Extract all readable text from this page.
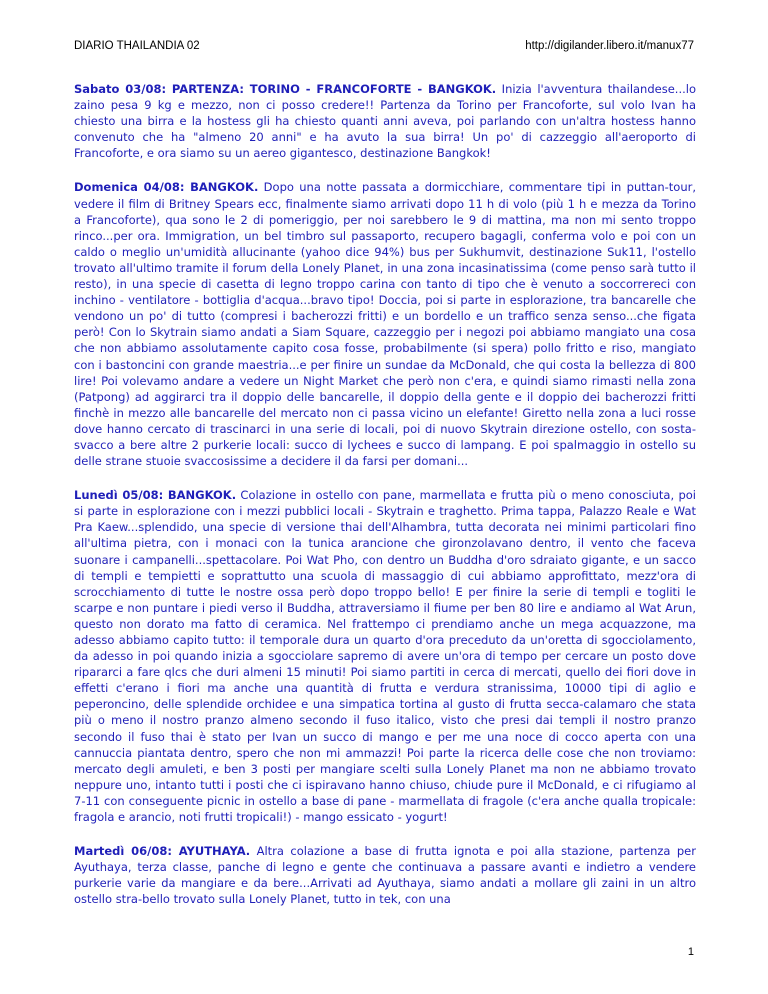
DIARIO THAILANDIA 02	http://digilander.libero.it/manux77

Sabato 03/08: PARTENZA: TORINO - FRANCOFORTE - BANGKOK. Inizia l'avventura thailandese...lo zaino pesa 9 kg e mezzo, non ci posso credere!! Partenza da Torino per Francoforte, sul volo Ivan ha chiesto una birra e la hostess gli ha chiesto quanti anni aveva, poi parlando con un'altra hostess hanno convenuto che ha "almeno 20 anni" e ha avuto la sua birra! Un po' di cazzeggio all'aeroporto di Francoforte, e ora siamo su un aereo gigantesco, destinazione Bangkok!

Domenica 04/08: BANGKOK. Dopo una notte passata a dormicchiare, commentare tipi in puttan-tour, vedere il film di Britney Spears ecc, finalmente siamo arrivati dopo 11 h di volo (più 1 h e mezza da Torino a Francoforte), qua sono le 2 di pomeriggio, per noi sarebbero le 9 di mattina, ma non mi sento troppo rinco...per ora. Immigration, un bel timbro sul passaporto, recupero bagagli, conferma volo e poi con un caldo o meglio un'umidità allucinante (yahoo dice 94%) bus per Sukhumvit, destinazione Suk11, l'ostello trovato all'ultimo tramite il forum della Lonely Planet, in una zona incasinatissima (come penso sarà tutto il resto), in una specie di casetta di legno troppo carina con tanto di tipo che è venuto a soccorrereci con inchino - ventilatore - bottiglia d'acqua...bravo tipo! Doccia, poi si parte in esplorazione, tra bancarelle che vendono un po' di tutto (compresi i bacherozzi fritti) e un bordello e un traffico senza senso...che figata però! Con lo Skytrain siamo andati a Siam Square, cazzeggio per i negozi poi abbiamo mangiato una cosa che non abbiamo assolutamente capito cosa fosse, probabilmente (si spera) pollo fritto e riso, mangiato con i bastoncini con grande maestria...e per finire un sundae da McDonald, che qui costa la bellezza di 800 lire! Poi volevamo andare a vedere un Night Market che però non c'era, e quindi siamo rimasti nella zona (Patpong) ad aggirarci tra il doppio delle bancarelle, il doppio della gente e il doppio dei bacherozzi fritti finchè in mezzo alle bancarelle del mercato non ci passa vicino un elefante! Giretto nella zona a luci rosse dove hanno cercato di trascinarci in una serie di locali, poi di nuovo Skytrain direzione ostello, con sosta-svacco a bere altre 2 purkerie locali: succo di lychees e succo di lampang. E poi spalmaggio in ostello su delle strane stuoie svaccosissime a decidere il da farsi per domani...

Lunedì 05/08: BANGKOK. Colazione in ostello con pane, marmellata e frutta più o meno conosciuta, poi si parte in esplorazione con i mezzi pubblici locali - Skytrain e traghetto. Prima tappa, Palazzo Reale e Wat Pra Kaew...splendido, una specie di versione thai dell'Alhambra, tutta decorata nei minimi particolari fino all'ultima pietra, con i monaci con la tunica arancione che gironzolavano dentro, il vento che faceva suonare i campanelli...spettacolare. Poi Wat Pho, con dentro un Buddha d'oro sdraiato gigante, e un sacco di templi e tempietti e soprattutto una scuola di massaggio di cui abbiamo approfittato, mezz'ora di scrocchiamento di tutte le nostre ossa però dopo troppo bello! E per finire la serie di templi e togliti le scarpe e non puntare i piedi verso il Buddha, attraversiamo il fiume per ben 80 lire e andiamo al Wat Arun, questo non dorato ma fatto di ceramica. Nel frattempo ci prendiamo anche un mega acquazzone, ma adesso abbiamo capito tutto: il temporale dura un quarto d'ora preceduto da un'oretta di sgocciolamento, da adesso in poi quando inizia a sgocciolare sapremo di avere un'ora di tempo per cercare un posto dove ripararci a fare qlcs che duri almeni 15 minuti! Poi siamo partiti in cerca di mercati, quello dei fiori dove in effetti c'erano i fiori ma anche una quantità di frutta e verdura stranissima, 10000 tipi di aglio e peperoncino, delle splendide orchidee e una simpatica tortina al gusto di frutta secca-calamaro che stata più o meno il nostro pranzo almeno secondo il fuso italico, visto che presi dai templi il nostro pranzo secondo il fuso thai è stato per Ivan un succo di mango e per me una noce di cocco aperta con una cannuccia piantata dentro, spero che non mi ammazzi! Poi parte la ricerca delle cose che non troviamo: mercato degli amuleti, e ben 3 posti per mangiare scelti sulla Lonely Planet ma non ne abbiamo trovato neppure uno, intanto tutti i posti che ci ispiravano hanno chiuso, chiude pure il McDonald, e ci rifugiamo al 7-11 con conseguente picnic in ostello a base di pane - marmellata di fragole (c'era anche qualla tropicale: fragola e arancio, noti frutti tropicali!) - mango essicato - yogurt!

Martedì 06/08: AYUTHAYA. Altra colazione a base di frutta ignota e poi alla stazione, partenza per Ayuthaya, terza classe, panche di legno e gente che continuava a passare avanti e indietro a vendere purkerie varie da mangiare e da bere...Arrivati ad Ayuthaya, siamo andati a mollare gli zaini in un altro ostello stra-bello trovato sulla Lonely Planet, tutto in tek, con una

1
